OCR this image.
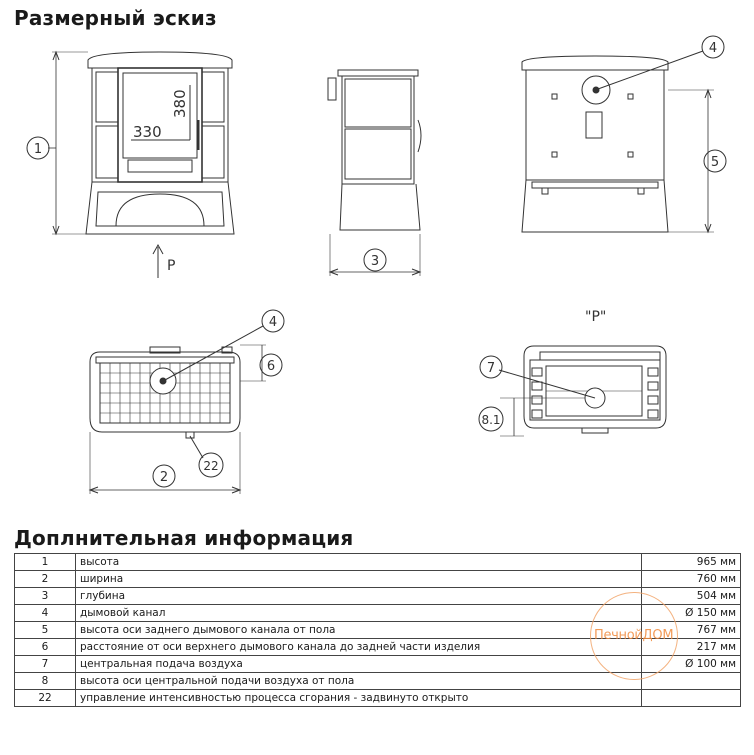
Размерный эскиз
330
380
P
"P"
1
3
4
5
4
6
2
22
7
8.1
Доплнительная информация
1	высота	965 мм
2	ширина	760 мм
3	глубина	504 мм
4	дымовой канал	Ø 150 мм
5	высота оси заднего дымового канала от пола	767 мм
6	расстояние от оси верхнего дымового канала до задней части изделия	217 мм
7	центральная подача воздуха	Ø 100 мм
8	высота оси центральной подачи воздуха от пола	
22	управление интенсивностью процесса сгорания - задвинуто открыто	
ПечнойДОМ
